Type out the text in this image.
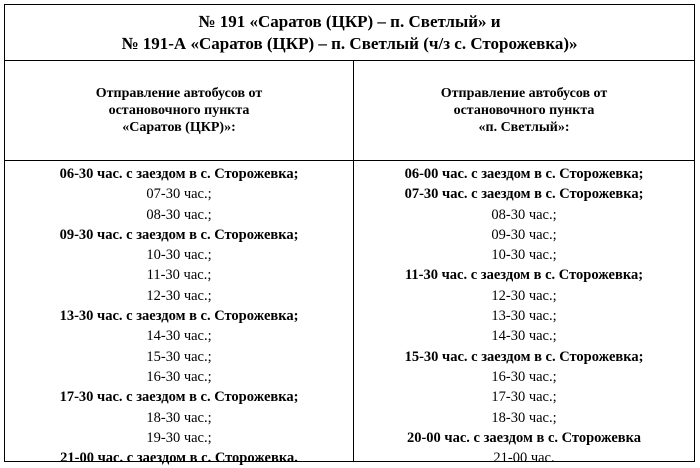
№ 191 «Саратов (ЦКР) – п. Светлый» и
№ 191-А «Саратов (ЦКР) – п. Светлый (ч/з с. Сторожевка)»
Отправление автобусов от
остановочного пункта
«Саратов (ЦКР)»:
06-30 час. с заездом в с. Сторожевка;
07-30 час.;
08-30 час.;
09-30 час. с заездом в с. Сторожевка;
10-30 час.;
11-30 час.;
12-30 час.;
13-30 час. с заездом в с. Сторожевка;
14-30 час.;
15-30 час.;
16-30 час.;
17-30 час. с заездом в с. Сторожевка;
18-30 час.;
19-30 час.;
21-00 час. с заездом в с. Сторожевка.
Отправление автобусов от
остановочного пункта
«п. Светлый»:
06-00 час. с заездом в с. Сторожевка;
07-30 час. с заездом в с. Сторожевка;
08-30 час.;
09-30 час.;
10-30 час.;
11-30 час. с заездом в с. Сторожевка;
12-30 час.;
13-30 час.;
14-30 час.;
15-30 час. с заездом в с. Сторожевка;
16-30 час.;
17-30 час.;
18-30 час.;
20-00 час. с заездом в с. Сторожевка
21-00 час.
